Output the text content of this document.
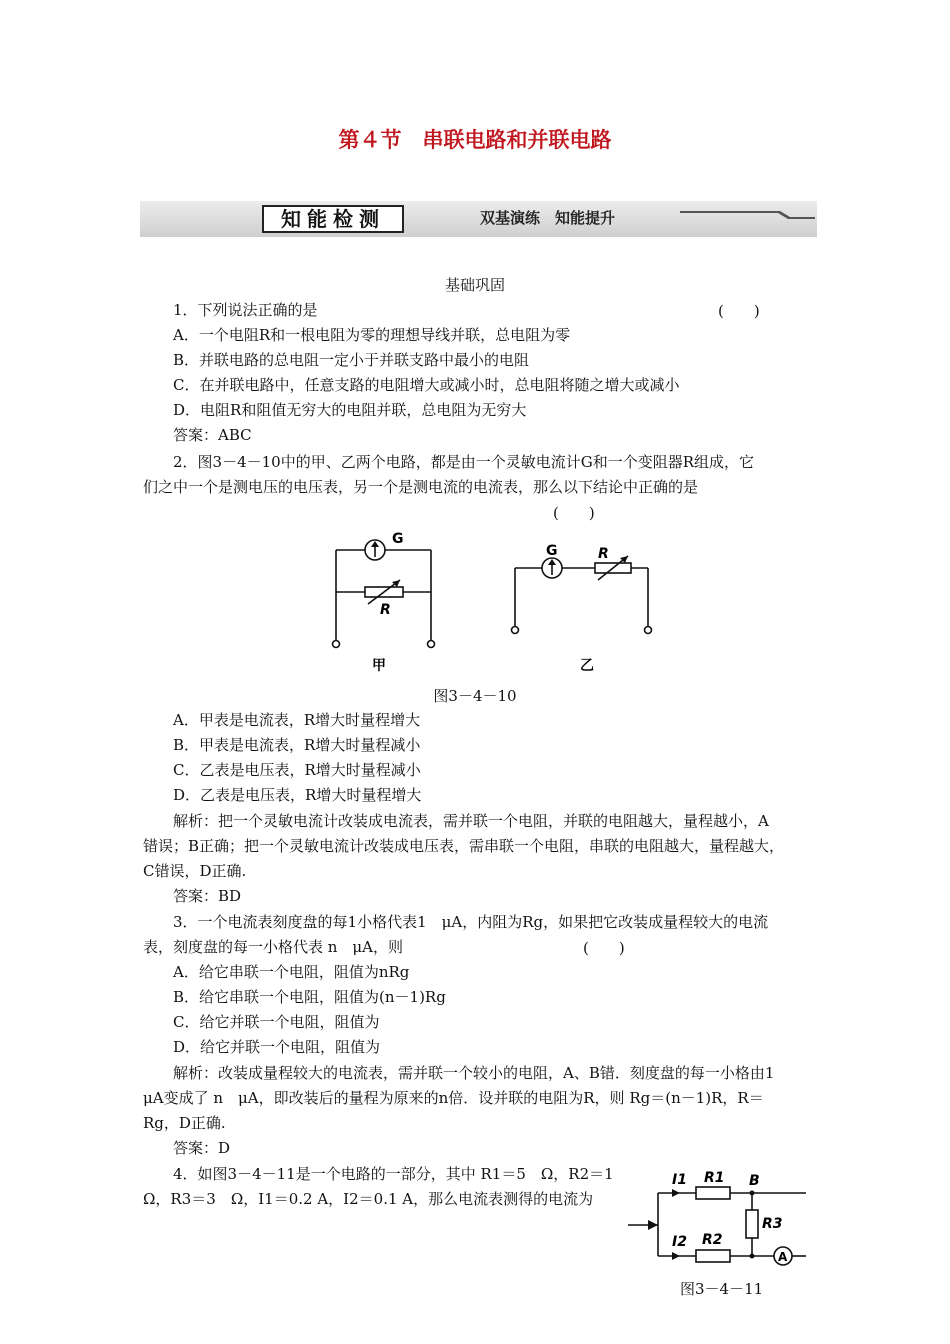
第４节　串联电路和并联电路
知能检测	双基演练　知能提升
基础巩固
1．下列说法正确的是	(　　)
A．一个电阻R和一根电阻为零的理想导线并联，总电阻为零
B．并联电路的总电阻一定小于并联支路中最小的电阻
C．在并联电路中，任意支路的电阻增大或减小时，总电阻将随之增大或减小
D．电阻R和阻值无穷大的电阻并联，总电阻为无穷大
答案：ABC
2．图3－4－10中的甲、乙两个电路，都是由一个灵敏电流计G和一个变阻器R组成，它
们之中一个是测电压的电压表，另一个是测电流的电流表，那么以下结论中正确的是
(　　)
G
R
G	R
甲	乙
图3－4－10
A．甲表是电流表，R增大时量程增大
B．甲表是电流表，R增大时量程减小
C．乙表是电压表，R增大时量程减小
D．乙表是电压表，R增大时量程增大
解析：把一个灵敏电流计改装成电流表，需并联一个电阻，并联的电阻越大，量程越小，A
错误；B正确；把一个灵敏电流计改装成电压表，需串联一个电阻，串联的电阻越大，量程越大，
C错误，D正确.
答案：BD
3．一个电流表刻度盘的每1小格代表1　μA，内阻为Rg，如果把它改装成量程较大的电流
表，刻度盘的每一小格代表 n　μA，则	(　　)
A．给它串联一个电阻，阻值为nRg
B．给它串联一个电阻，阻值为(n－1)Rg
C．给它并联一个电阻，阻值为
D．给它并联一个电阻，阻值为
解析：改装成量程较大的电流表，需并联一个较小的电阻，A、B错．刻度盘的每一小格由1
μA变成了 n　μA，即改装后的量程为原来的n倍．设并联的电阻为R，则 Rg＝(n－1)R，R＝
Rg，D正确.
答案：D
4．如图3－4－11是一个电路的一部分，其中 R1＝5　Ω，R2＝1
Ω，R3＝3　Ω，I1＝0.2 A，I2＝0.1 A，那么电流表测得的电流为
I1 R1 B
R3
I2 R2
A
图3－4－11
